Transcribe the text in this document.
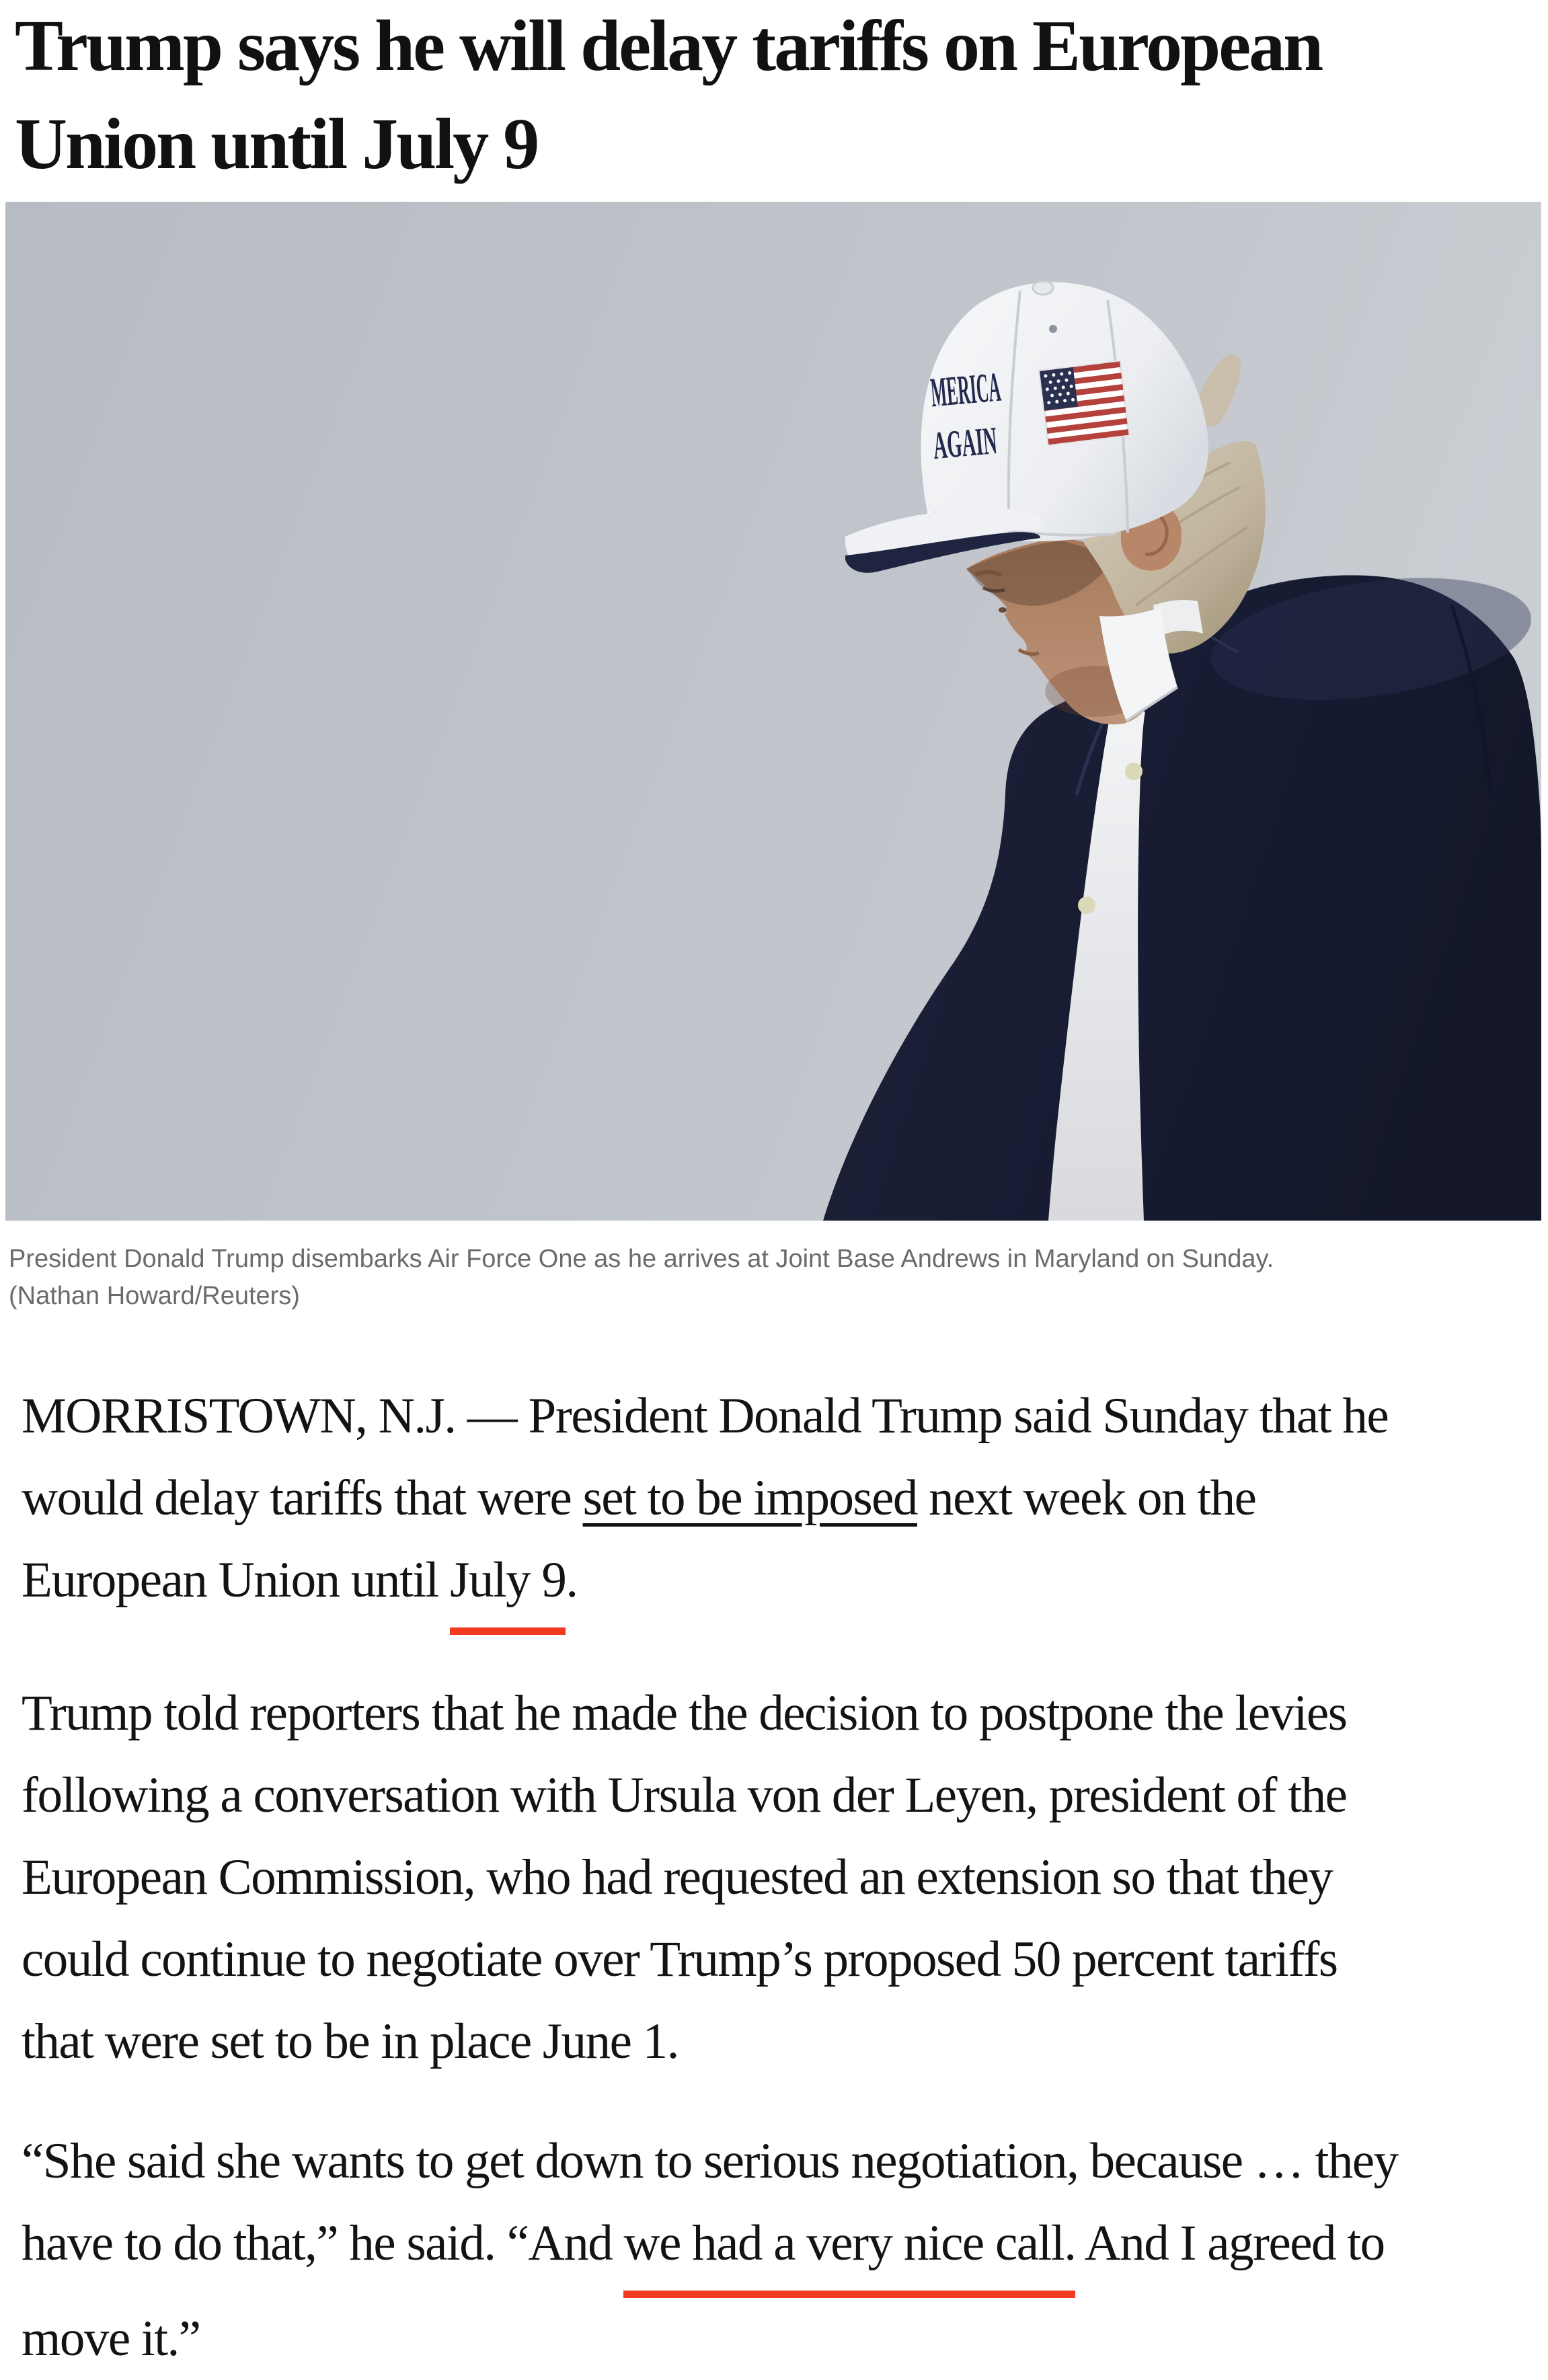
Trump says he will delay tariffs on European
Union until July 9
President Donald Trump disembarks Air Force One as he arrives at Joint Base Andrews in Maryland on Sunday.
(Nathan Howard/Reuters)

MORRISTOWN, N.J. — President Donald Trump said Sunday that he
would delay tariffs that were set to be imposed next week on the
European Union until July 9.

Trump told reporters that he made the decision to postpone the levies
following a conversation with Ursula von der Leyen, president of the
European Commission, who had requested an extension so that they
could continue to negotiate over Trump’s proposed 50 percent tariffs
that were set to be in place June 1.

“She said she wants to get down to serious negotiation, because … they
have to do that,” he said. “And we had a very nice call. And I agreed to
move it.”
